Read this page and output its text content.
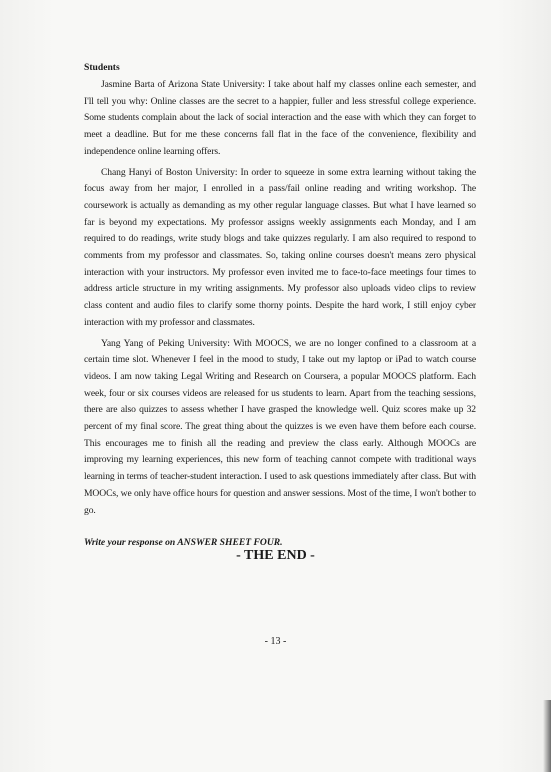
Students

Jasmine Barta of Arizona State University: I take about half my classes online each semester, and I'll tell you why: Online classes are the secret to a happier, fuller and less stressful college experience. Some students complain about the lack of social interaction and the ease with which they can forget to meet a deadline. But for me these concerns fall flat in the face of the convenience, flexibility and independence online learning offers.

Chang Hanyi of Boston University: In order to squeeze in some extra learning without taking the focus away from her major, I enrolled in a pass/fail online reading and writing workshop. The coursework is actually as demanding as my other regular language classes. But what I have learned so far is beyond my expectations. My professor assigns weekly assignments each Monday, and I am required to do readings, write study blogs and take quizzes regularly. I am also required to respond to comments from my professor and classmates. So, taking online courses doesn't means zero physical interaction with your instructors. My professor even invited me to face-to-face meetings four times to address article structure in my writing assignments. My professor also uploads video clips to review class content and audio files to clarify some thorny points. Despite the hard work, I still enjoy cyber interaction with my professor and classmates.

Yang Yang of Peking University: With MOOCS, we are no longer confined to a classroom at a certain time slot. Whenever I feel in the mood to study, I take out my laptop or iPad to watch course videos. I am now taking Legal Writing and Research on Coursera, a popular MOOCS platform. Each week, four or six courses videos are released for us students to learn. Apart from the teaching sessions, there are also quizzes to assess whether I have grasped the knowledge well. Quiz scores make up 32 percent of my final score. The great thing about the quizzes is we even have them before each course. This encourages me to finish all the reading and preview the class early. Although MOOCs are improving my learning experiences, this new form of teaching cannot compete with traditional ways learning in terms of teacher-student interaction. I used to ask questions immediately after class. But with MOOCs, we only have office hours for question and answer sessions. Most of the time, I won't bother to go.

Write your response on ANSWER SHEET FOUR.
- THE END -
- 13 -
